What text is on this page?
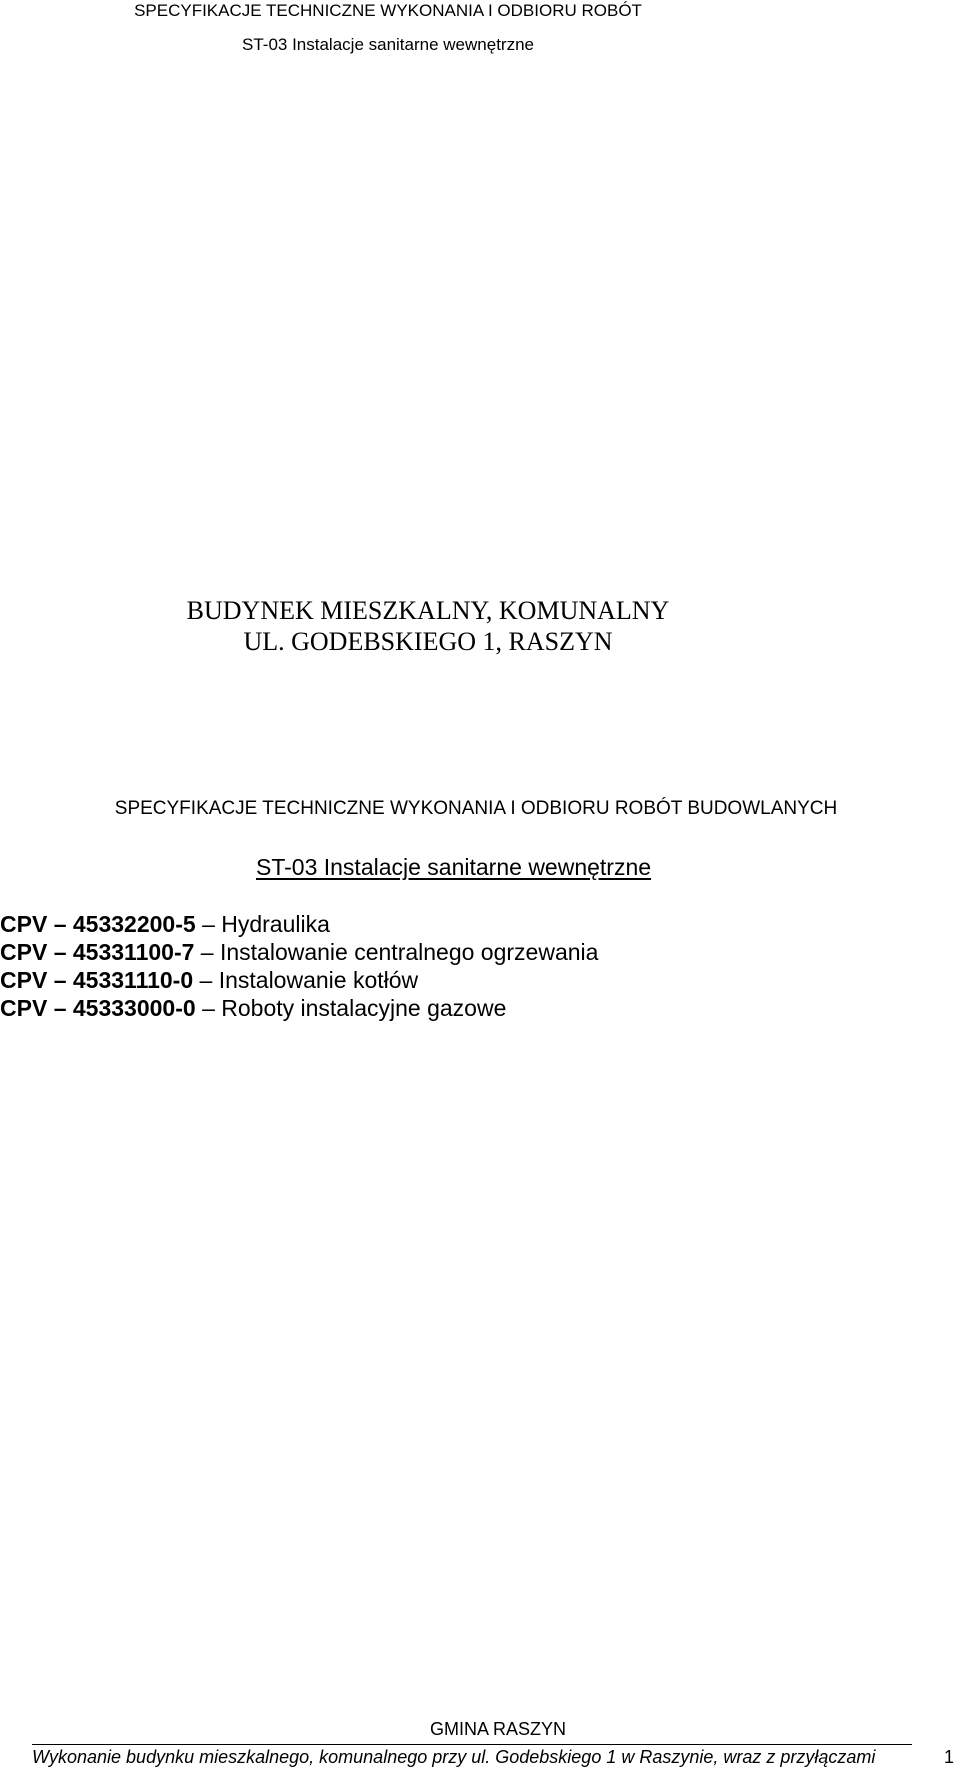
SPECYFIKACJE TECHNICZNE WYKONANIA I ODBIORU ROBÓT
ST-03 Instalacje sanitarne wewnętrzne
BUDYNEK MIESZKALNY, KOMUNALNY
UL. GODEBSKIEGO 1, RASZYN
SPECYFIKACJE TECHNICZNE WYKONANIA I ODBIORU ROBÓT BUDOWLANYCH
ST-03 Instalacje sanitarne wewnętrzne
CPV – 45332200-5 – Hydraulika
CPV – 45331100-7 – Instalowanie centralnego ogrzewania
CPV – 45331110-0 – Instalowanie kotłów
CPV – 45333000-0 – Roboty instalacyjne gazowe
GMINA RASZYN
Wykonanie budynku mieszkalnego, komunalnego przy ul. Godebskiego 1 w Raszynie, wraz z przyłączami	1
